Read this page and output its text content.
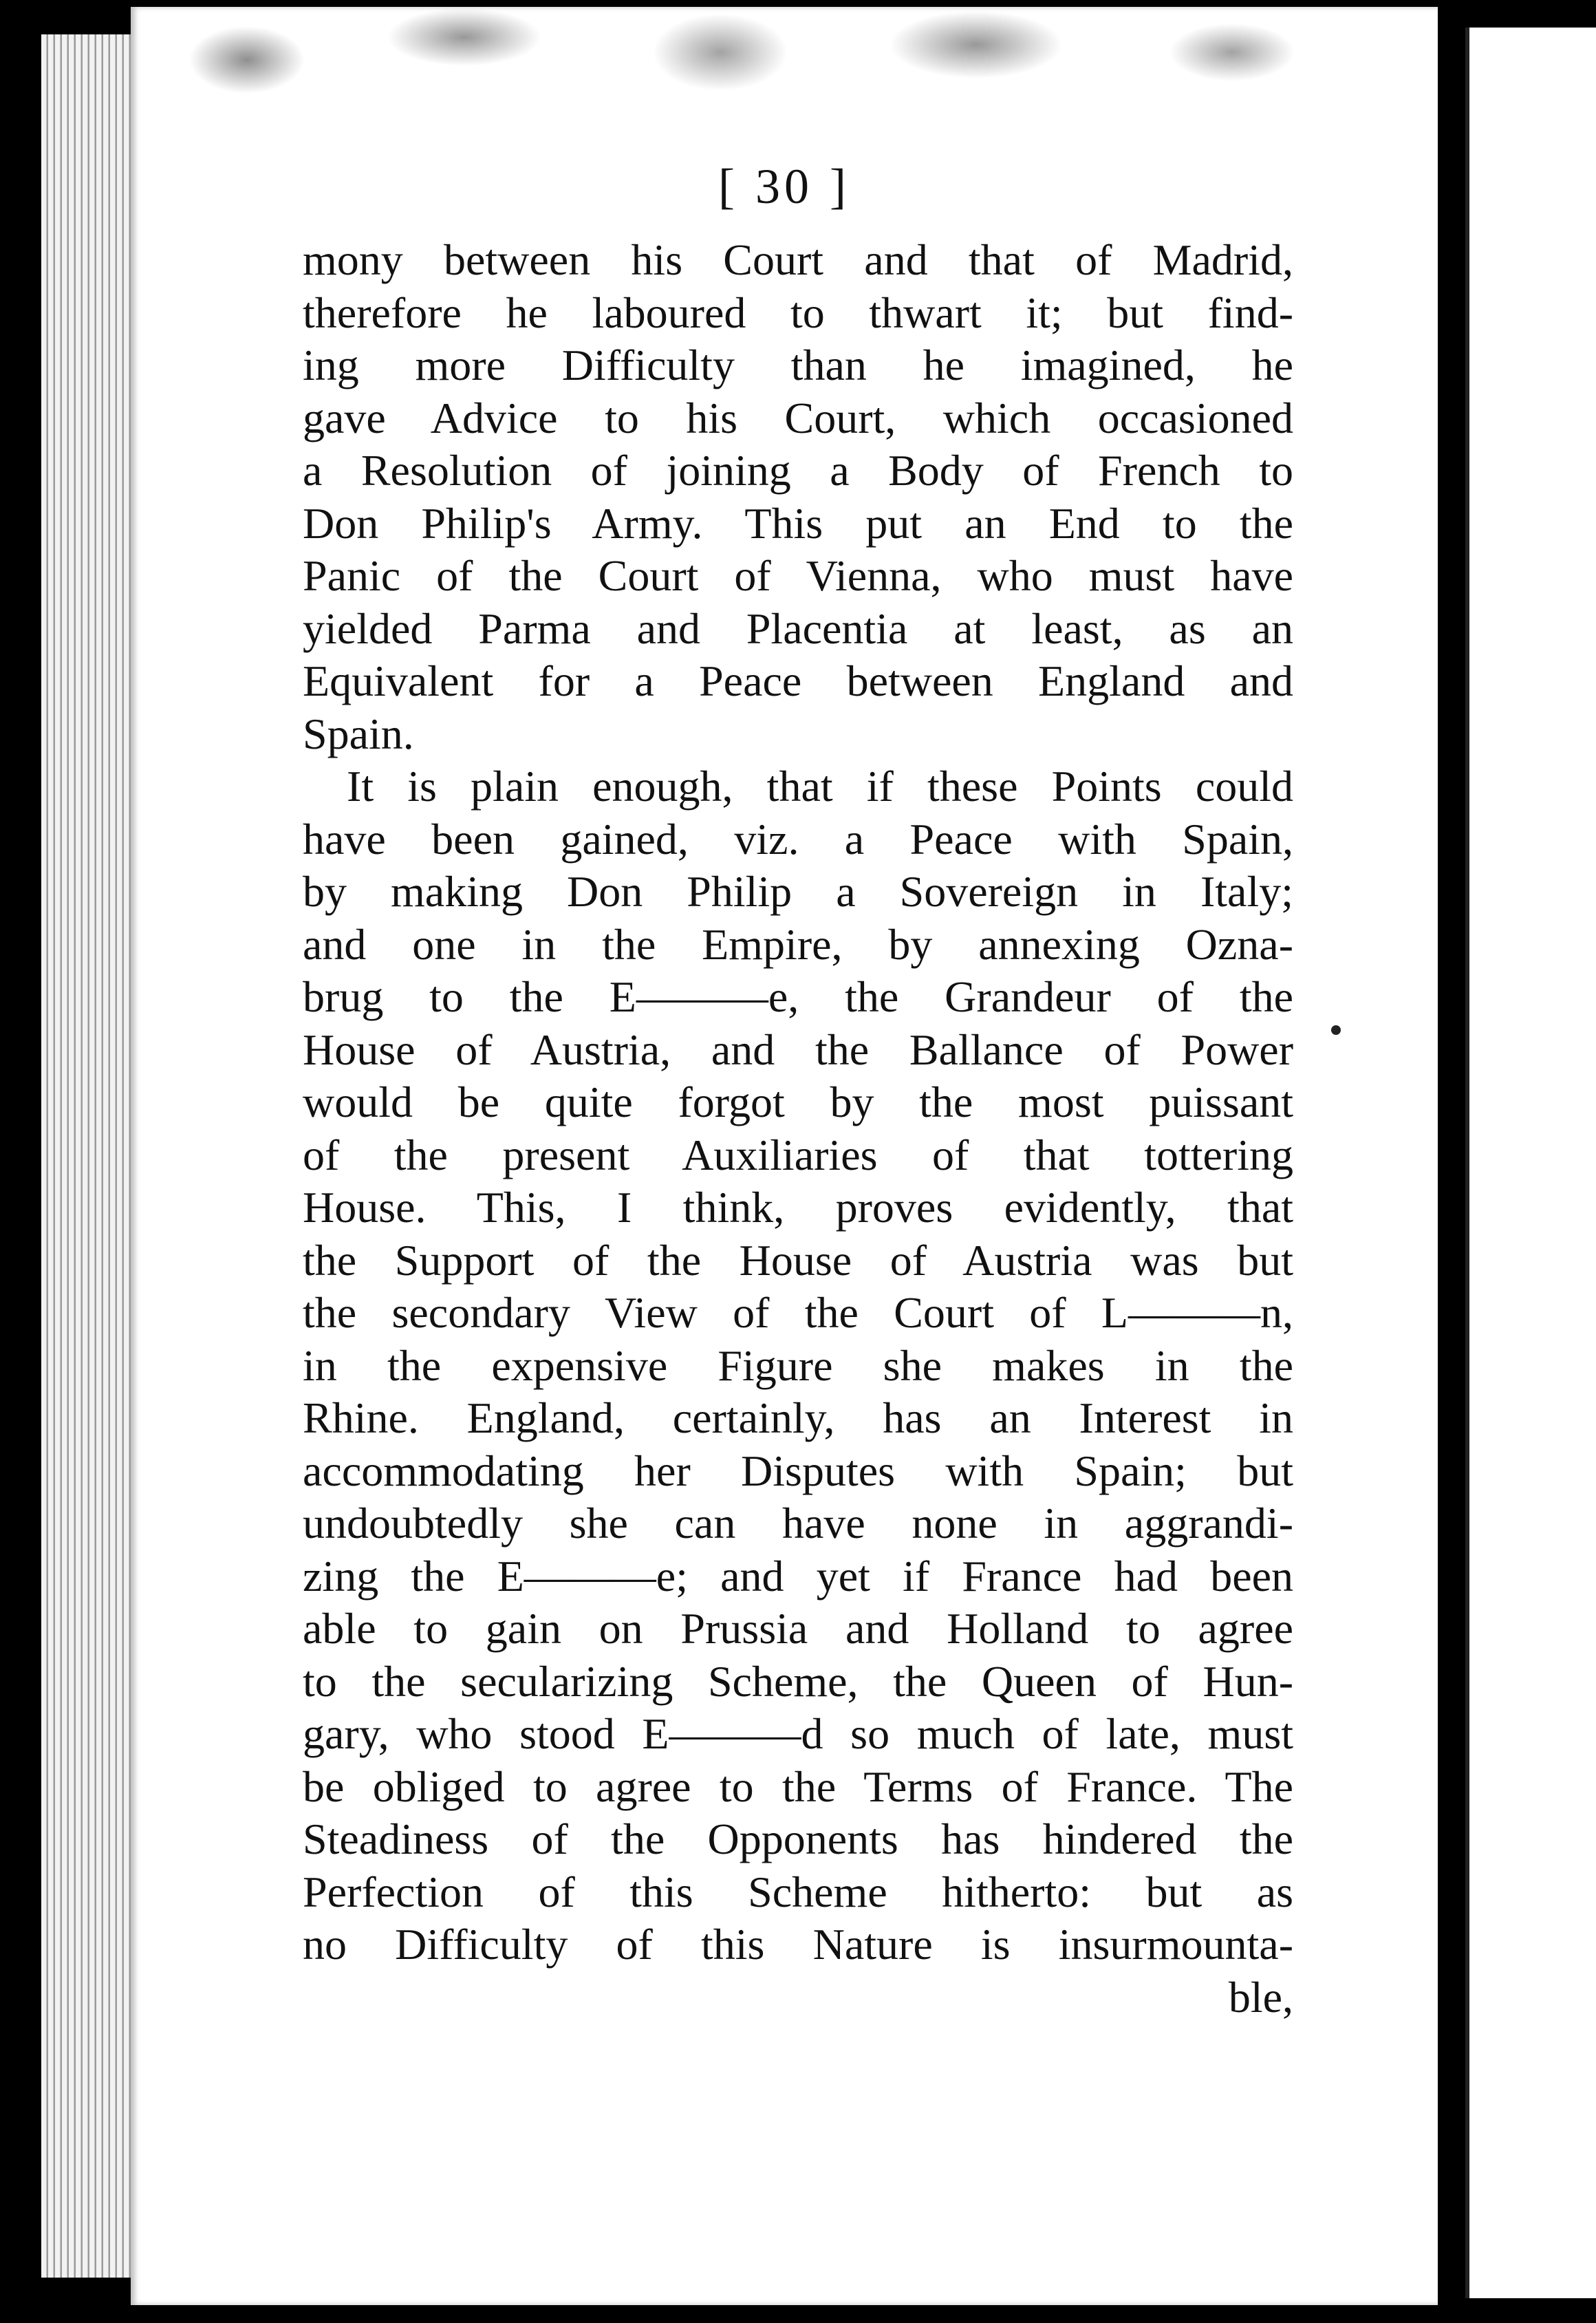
[ 30 ]
mony between his Court and that of Madrid,
therefore he laboured to thwart it; but find-
ing more Difficulty than he imagined, he
gave Advice to his Court, which occasioned
a Resolution of joining a Body of French to
Don Philip's Army. This put an End to the
Panic of the Court of Vienna, who must have
yielded Parma and Placentia at least, as an
Equivalent for a Peace between England and
Spain.
It is plain enough, that if these Points could
have been gained, viz. a Peace with Spain,
by making Don Philip a Sovereign in Italy;
and one in the Empire, by annexing Ozna-
brug to the E———e, the Grandeur of the
House of Austria, and the Ballance of Power
would be quite forgot by the most puissant
of the present Auxiliaries of that tottering
House. This, I think, proves evidently, that
the Support of the House of Austria was but
the secondary View of the Court of L———n,
in the expensive Figure she makes in the
Rhine. England, certainly, has an Interest in
accommodating her Disputes with Spain; but
undoubtedly she can have none in aggrandi-
zing the E———e; and yet if France had been
able to gain on Prussia and Holland to agree
to the secularizing Scheme, the Queen of Hun-
gary, who stood E———d so much of late, must
be obliged to agree to the Terms of France. The
Steadiness of the Opponents has hindered the
Perfection of this Scheme hitherto: but as
no Difficulty of this Nature is insurmounta-
ble,
